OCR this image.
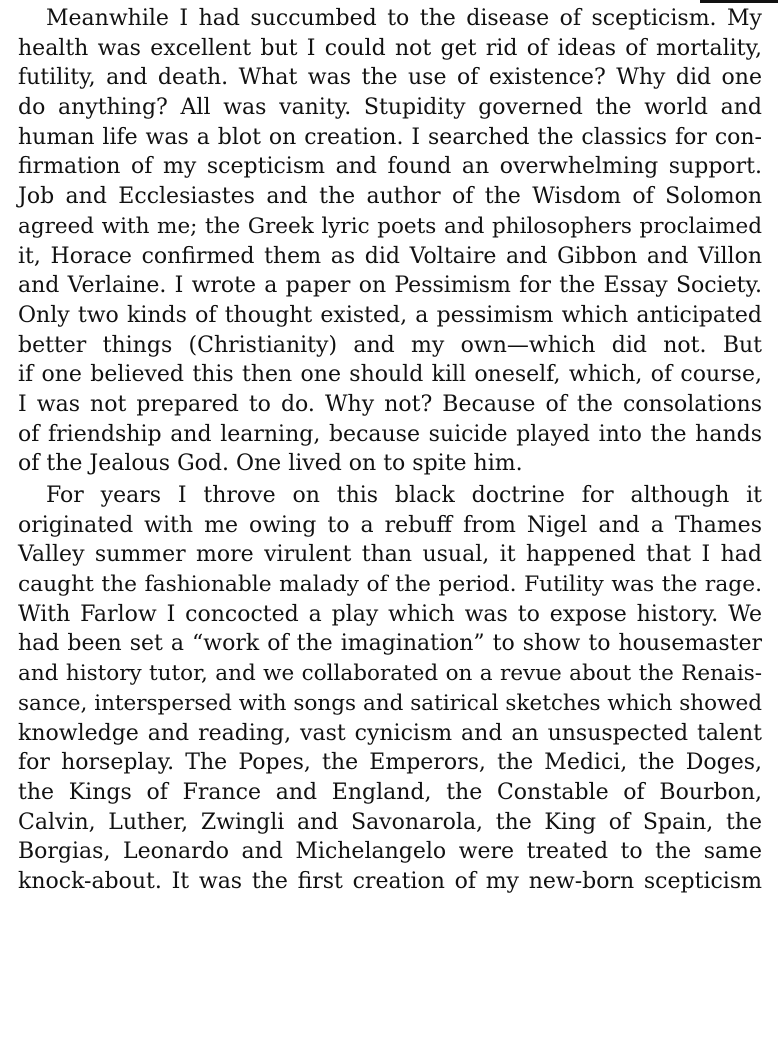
Meanwhile I had succumbed to the disease of scepticism. My
health was excellent but I could not get rid of ideas of mortality,
futility, and death. What was the use of existence? Why did one
do anything? All was vanity. Stupidity governed the world and
human life was a blot on creation. I searched the classics for con-
firmation of my scepticism and found an overwhelming support.
Job and Ecclesiastes and the author of the Wisdom of Solomon
agreed with me; the Greek lyric poets and philosophers proclaimed
it, Horace confirmed them as did Voltaire and Gibbon and Villon
and Verlaine. I wrote a paper on Pessimism for the Essay Society.
Only two kinds of thought existed, a pessimism which anticipated
better things (Christianity) and my own—which did not. But
if one believed this then one should kill oneself, which, of course,
I was not prepared to do. Why not? Because of the consolations
of friendship and learning, because suicide played into the hands
of the Jealous God. One lived on to spite him.
For years I throve on this black doctrine for although it
originated with me owing to a rebuff from Nigel and a Thames
Valley summer more virulent than usual, it happened that I had
caught the fashionable malady of the period. Futility was the rage.
With Farlow I concocted a play which was to expose history. We
had been set a “work of the imagination” to show to housemaster
and history tutor, and we collaborated on a revue about the Renais-
sance, interspersed with songs and satirical sketches which showed
knowledge and reading, vast cynicism and an unsuspected talent
for horseplay. The Popes, the Emperors, the Medici, the Doges,
the Kings of France and England, the Constable of Bourbon,
Calvin, Luther, Zwingli and Savonarola, the King of Spain, the
Borgias, Leonardo and Michelangelo were treated to the same
knock-about. It was the first creation of my new-born scepticism
